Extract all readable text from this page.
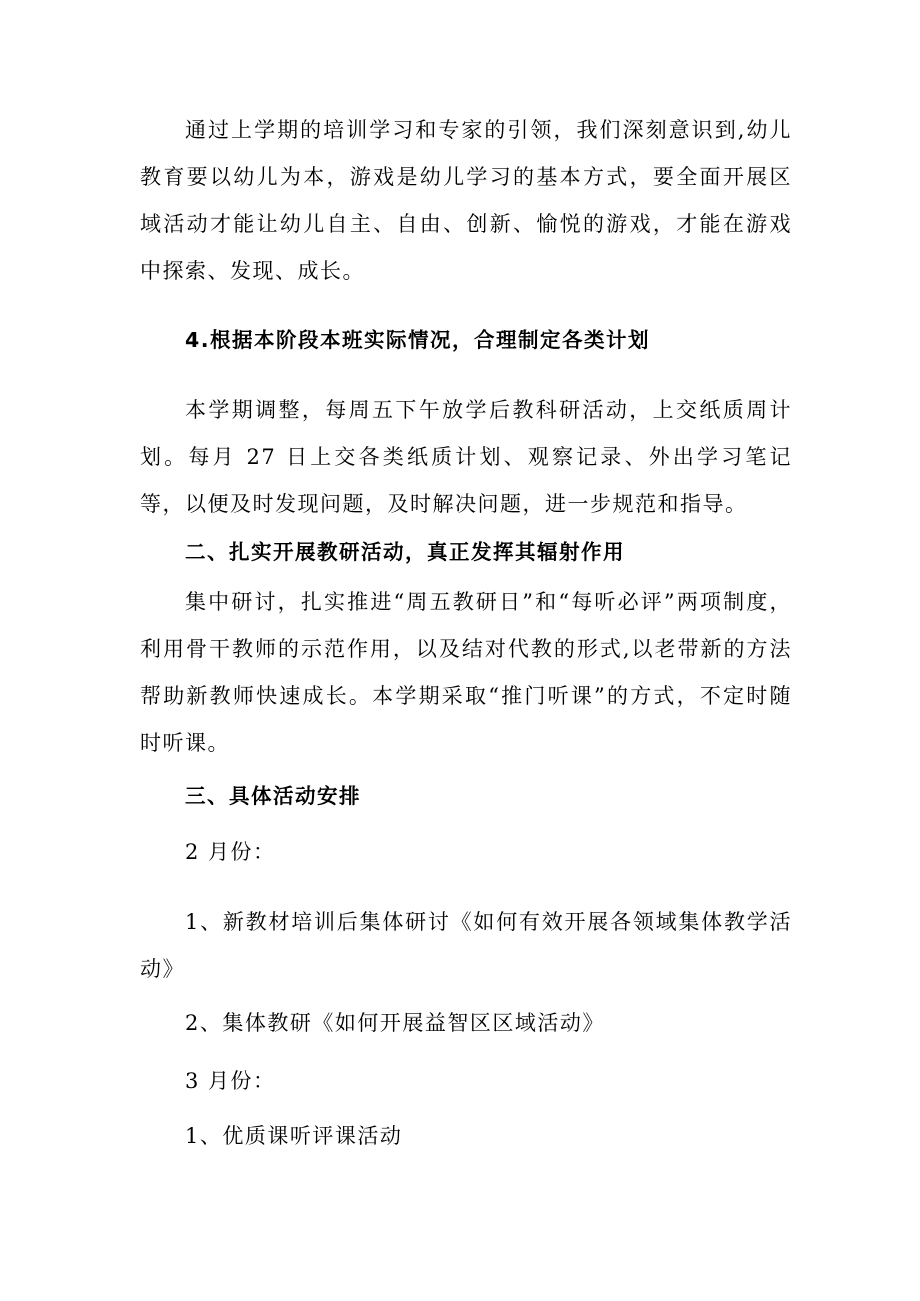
通过上学期的培训学习和专家的引领，我们深刻意识到,幼儿教育要以幼儿为本，游戏是幼儿学习的基本方式，要全面开展区域活动才能让幼儿自主、自由、创新、愉悦的游戏，才能在游戏中探索、发现、成长。

4.根据本阶段本班实际情况，合理制定各类计划

本学期调整，每周五下午放学后教科研活动，上交纸质周计划。每月 27 日上交各类纸质计划、观察记录、外出学习笔记等，以便及时发现问题，及时解决问题，进一步规范和指导。

二、扎实开展教研活动，真正发挥其辐射作用

集中研讨，扎实推进“周五教研日”和“每听必评”两项制度，利用骨干教师的示范作用，以及结对代教的形式,以老带新的方法帮助新教师快速成长。本学期采取“推门听课”的方式，不定时随时听课。

三、具体活动安排

2 月份：

1、新教材培训后集体研讨《如何有效开展各领域集体教学活动》

2、集体教研《如何开展益智区区域活动》

3 月份：

1、优质课听评课活动
